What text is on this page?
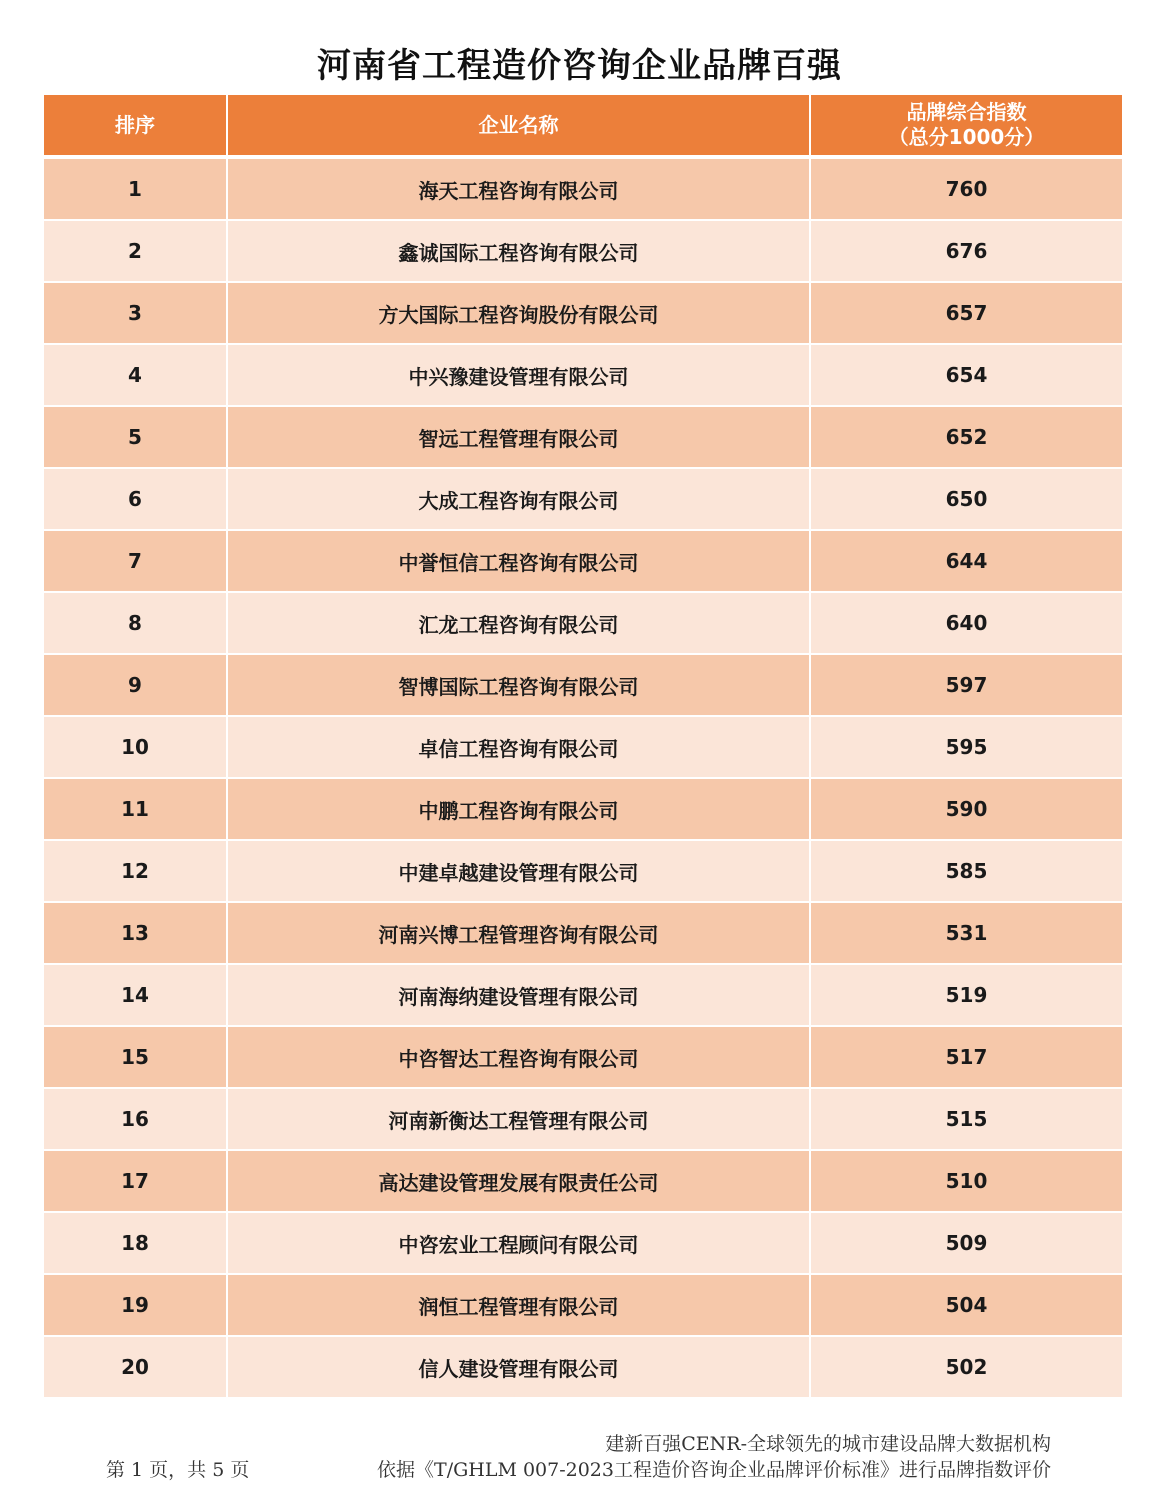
河南省工程造价咨询企业品牌百强
排序	企业名称	品牌综合指数
（总分1000分）
1	海天工程咨询有限公司	760
2	鑫诚国际工程咨询有限公司	676
3	方大国际工程咨询股份有限公司	657
4	中兴豫建设管理有限公司	654
5	智远工程管理有限公司	652
6	大成工程咨询有限公司	650
7	中誉恒信工程咨询有限公司	644
8	汇龙工程咨询有限公司	640
9	智博国际工程咨询有限公司	597
10	卓信工程咨询有限公司	595
11	中鹏工程咨询有限公司	590
12	中建卓越建设管理有限公司	585
13	河南兴博工程管理咨询有限公司	531
14	河南海纳建设管理有限公司	519
15	中咨智达工程咨询有限公司	517
16	河南新衡达工程管理有限公司	515
17	高达建设管理发展有限责任公司	510
18	中咨宏业工程顾问有限公司	509
19	润恒工程管理有限公司	504
20	信人建设管理有限公司	502
建新百强CENR-全球领先的城市建设品牌大数据机构
第 1 页，共 5 页	依据《T/GHLM 007-2023工程造价咨询企业品牌评价标准》进行品牌指数评价
